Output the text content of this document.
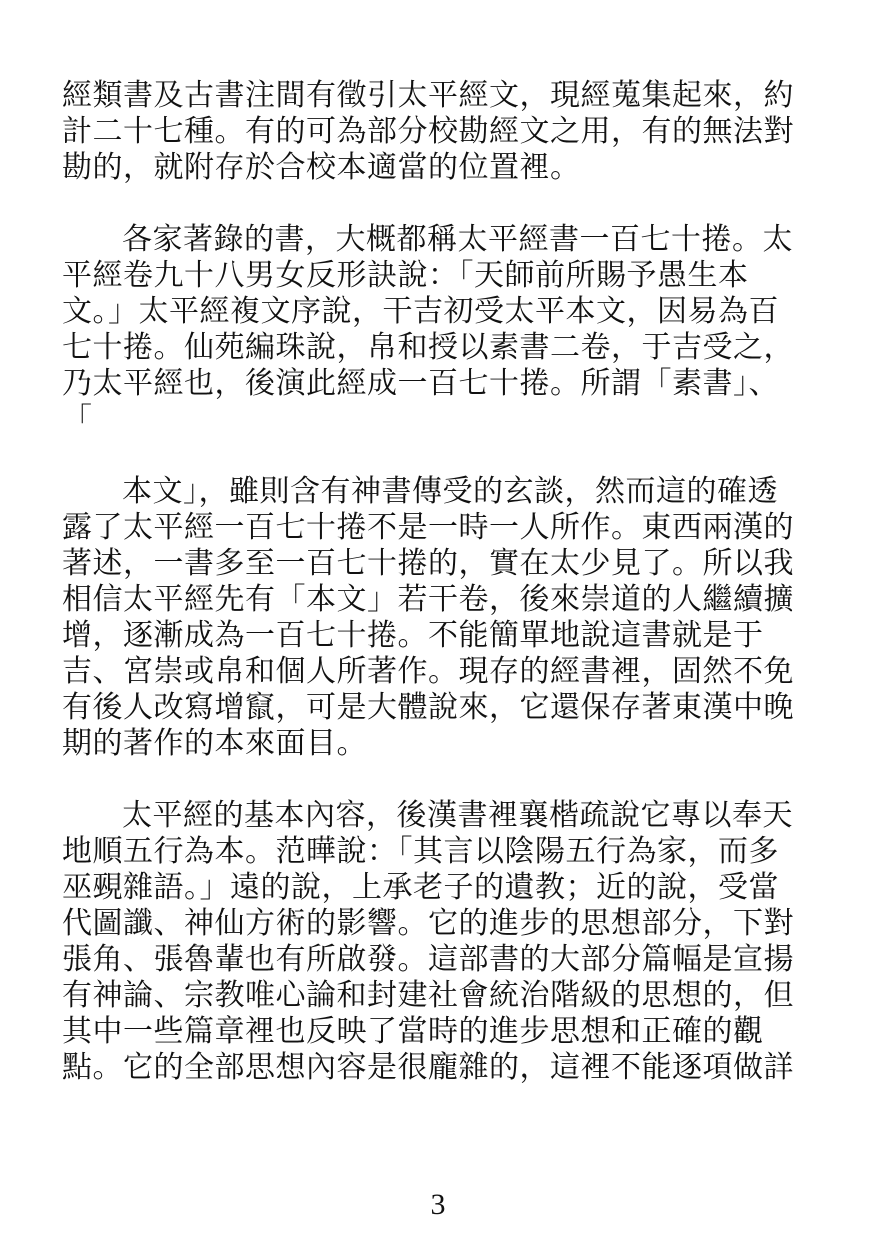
經類書及古書注間有徵引太平經文，現經蒐集起來，約
計二十七種。有的可為部分校勘經文之用，有的無法對
勘的，就附存於合校本適當的位置裡。
各家著錄的書，大概都稱太平經書一百七十捲。太
平經卷九十八男女反形訣說：「天師前所賜予愚生本
文。」太平經複文序說，干吉初受太平本文，因易為百
七十捲。仙苑編珠說，帛和授以素書二卷，于吉受之，
乃太平經也，後演此經成一百七十捲。所謂「素書」、
「
本文」，雖則含有神書傳受的玄談，然而這的確透
露了太平經一百七十捲不是一時一人所作。東西兩漢的
著述，一書多至一百七十捲的，實在太少見了。所以我
相信太平經先有「本文」若干卷，後來崇道的人繼續擴
增，逐漸成為一百七十捲。不能簡單地說這書就是于
吉、宮崇或帛和個人所著作。現存的經書裡，固然不免
有後人改寫增竄，可是大體說來，它還保存著東漢中晚
期的著作的本來面目。
太平經的基本內容，後漢書裡襄楷疏說它專以奉天
地順五行為本。范曄說：「其言以陰陽五行為家，而多
巫覡雜語。」遠的說，上承老子的遺教；近的說，受當
代圖讖、神仙方術的影響。它的進步的思想部分，下對
張角、張魯輩也有所啟發。這部書的大部分篇幅是宣揚
有神論、宗教唯心論和封建社會統治階級的思想的，但
其中一些篇章裡也反映了當時的進步思想和正確的觀
點。它的全部思想內容是很龐雜的，這裡不能逐項做詳
3
